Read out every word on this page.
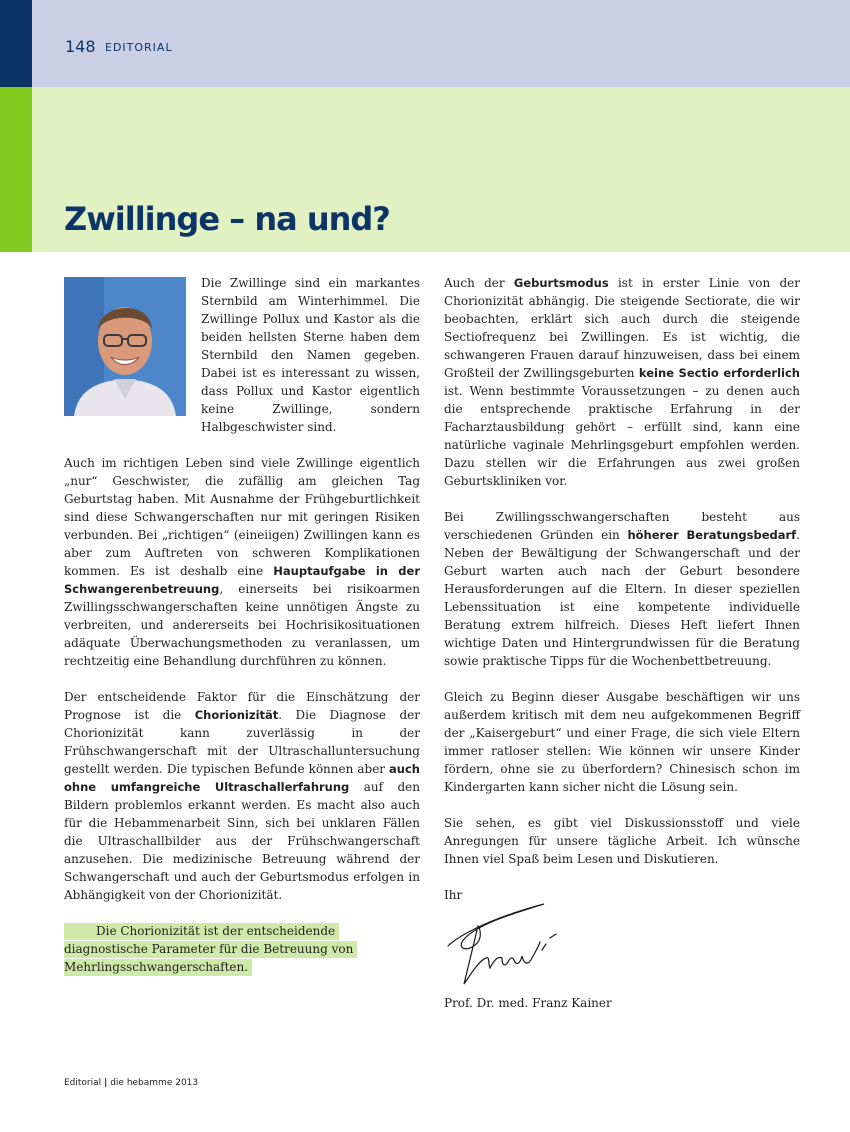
148 EDITORIAL
Zwillinge – na und?

Die Zwillinge sind ein markantes Sternbild am Winterhimmel. Die Zwillinge Pollux und Kastor als die beiden hellsten Sterne haben dem Sternbild den Namen gegeben. Dabei ist es interessant zu wissen, dass Pollux und Kastor eigentlich keine Zwillinge, sondern Halbgeschwister sind.

Auch im richtigen Leben sind viele Zwillinge eigentlich „nur“ Geschwister, die zufällig am gleichen Tag Geburtstag haben. Mit Ausnahme der Frühgeburtlichkeit sind diese Schwangerschaften nur mit geringen Risiken verbunden. Bei „richtigen“ (eineiigen) Zwillingen kann es aber zum Auftreten von schweren Komplikationen kommen. Es ist deshalb eine Hauptaufgabe in der Schwangerenbetreuung, einerseits bei risikoarmen Zwillingsschwangerschaften keine unnötigen Ängste zu verbreiten, und andererseits bei Hochrisikosituationen adäquate Überwachungsmethoden zu veranlassen, um rechtzeitig eine Behandlung durchführen zu können.

Der entscheidende Faktor für die Einschätzung der Prognose ist die Chorionizität. Die Diagnose der Chorionizität kann zuverlässig in der Frühschwangerschaft mit der Ultraschalluntersuchung gestellt werden. Die typischen Befunde können aber auch ohne umfangreiche Ultraschallerfahrung auf den Bildern problemlos erkannt werden. Es macht also auch für die Hebammenarbeit Sinn, sich bei unklaren Fällen die Ultraschallbilder aus der Frühschwangerschaft anzusehen. Die medizinische Betreuung während der Schwangerschaft und auch der Geburtsmodus erfolgen in Abhängigkeit von der Chorionizität.

Die Chorionizität ist der entscheidende diagnostische Parameter für die Betreuung von Mehrlingsschwangerschaften.

Auch der Geburtsmodus ist in erster Linie von der Chorionizität abhängig. Die steigende Sectiorate, die wir beobachten, erklärt sich auch durch die steigende Sectiofrequenz bei Zwillingen. Es ist wichtig, die schwangeren Frauen darauf hinzuweisen, dass bei einem Großteil der Zwillingsgeburten keine Sectio erforderlich ist. Wenn bestimmte Voraussetzungen – zu denen auch die entsprechende praktische Erfahrung in der Facharztausbildung gehört – erfüllt sind, kann eine natürliche vaginale Mehrlingsgeburt empfohlen werden. Dazu stellen wir die Erfahrungen aus zwei großen Geburtskliniken vor.

Bei Zwillingsschwangerschaften besteht aus verschiedenen Gründen ein höherer Beratungsbedarf. Neben der Bewältigung der Schwangerschaft und der Geburt warten auch nach der Geburt besondere Herausforderungen auf die Eltern. In dieser speziellen Lebenssituation ist eine kompetente individuelle Beratung extrem hilfreich. Dieses Heft liefert Ihnen wichtige Daten und Hintergrundwissen für die Beratung sowie praktische Tipps für die Wochenbettbetreuung.

Gleich zu Beginn dieser Ausgabe beschäftigen wir uns außerdem kritisch mit dem neu aufgekommenen Begriff der „Kaisergeburt“ und einer Frage, die sich viele Eltern immer ratloser stellen: Wie können wir unsere Kinder fördern, ohne sie zu überfordern? Chinesisch schon im Kindergarten kann sicher nicht die Lösung sein.

Sie sehen, es gibt viel Diskussionsstoff und viele Anregungen für unsere tägliche Arbeit. Ich wünsche Ihnen viel Spaß beim Lesen und Diskutieren.

Ihr

Prof. Dr. med. Franz Kainer

Editorial | die hebamme 2013
